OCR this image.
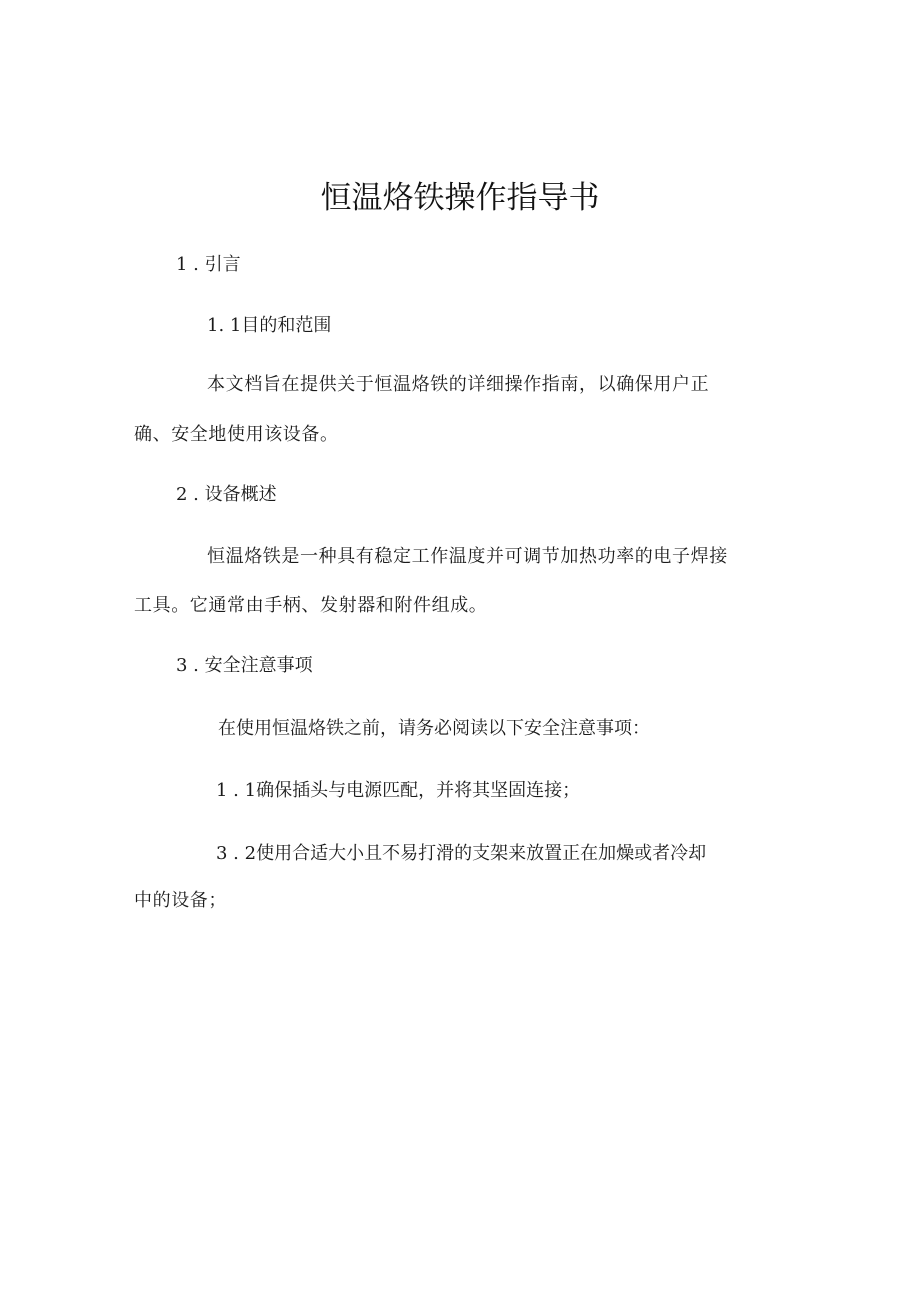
恒温烙铁操作指导书
1 . 引言
1. 1目的和范围
本文档旨在提供关于恒温烙铁的详细操作指南，以确保用户正
确、安全地使用该设备。
2 . 设备概述
恒温烙铁是一种具有稳定工作温度并可调节加热功率的电子焊接
工具。它通常由手柄、发射器和附件组成。
3 . 安全注意事项
在使用恒温烙铁之前，请务必阅读以下安全注意事项：
1 . 1确保插头与电源匹配，并将其坚固连接；
3 . 2使用合适大小且不易打滑的支架来放置正在加燥或者冷却
中的设备；
